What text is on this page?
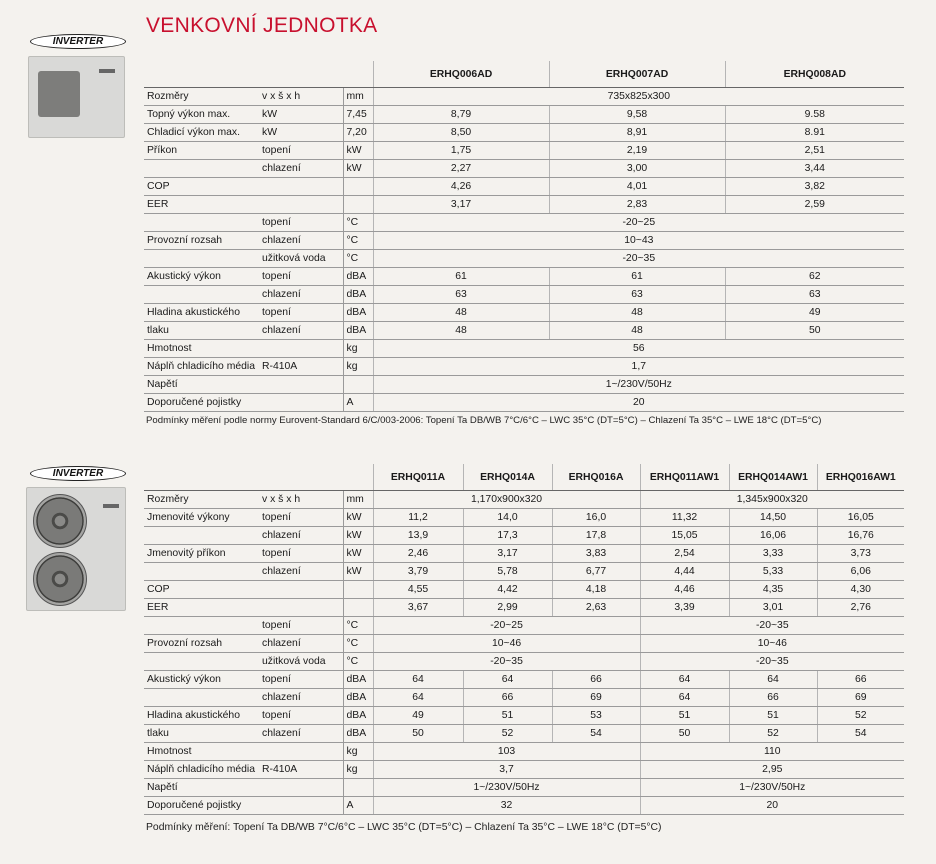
VENKOVNÍ JEDNOTKA
INVERTER
			ERHQ006AD	ERHQ007AD	ERHQ008AD
Rozměry	v x š x h	mm	735x825x300		
Topný výkon max.	kW	7,45	8,79	9,58	9.58
Chladicí výkon max.	kW	7,20	8,50	8,91	8.91
Příkon	topení	kW	1,75	2,19	2,51
	chlazení	kW	2,27	3,00	3,44
COP			4,26	4,01	3,82
EER			3,17	2,83	2,59
	topení	°C	-20~25		
Provozní rozsah	chlazení	°C	10~43		
	užitková voda	°C	-20~35		
Akustický výkon	topení	dBA	61	61	62
	chlazení	dBA	63	63	63
Hladina akustického	topení	dBA	48	48	49
tlaku	chlazení	dBA	48	48	50
Hmotnost		kg	56		
Náplň chladicího média	R-410A	kg	1,7		
Napětí			1~/230V/50Hz		
Doporučené pojistky		A	20		
Podmínky měření podle normy Eurovent-Standard 6/C/003-2006: Topení Ta DB/WB 7°C/6°C – LWC 35°C (DT=5°C) – Chlazení Ta 35°C – LWE 18°C (DT=5°C)
INVERTER
			ERHQ011A	ERHQ014A	ERHQ016A	ERHQ011AW1	ERHQ014AW1	ERHQ016AW1
Rozměry	v x š x h	mm	1,170x900x320			1,345x900x320		
Jmenovité výkony	topení	kW	11,2	14,0	16,0	11,32	14,50	16,05
	chlazení	kW	13,9	17,3	17,8	15,05	16,06	16,76
Jmenovitý příkon	topení	kW	2,46	3,17	3,83	2,54	3,33	3,73
	chlazení	kW	3,79	5,78	6,77	4,44	5,33	6,06
COP			4,55	4,42	4,18	4,46	4,35	4,30
EER			3,67	2,99	2,63	3,39	3,01	2,76
	topení	°C	-20~25			-20~35		
Provozní rozsah	chlazení	°C	10~46			10~46		
	užitková voda	°C	-20~35			-20~35		
Akustický výkon	topení	dBA	64	64	66	64	64	66
	chlazení	dBA	64	66	69	64	66	69
Hladina akustického	topení	dBA	49	51	53	51	51	52
tlaku	chlazení	dBA	50	52	54	50	52	54
Hmotnost		kg	103			110		
Náplň chladicího média	R-410A	kg	3,7			2,95		
Napětí			1~/230V/50Hz			1~/230V/50Hz		
Doporučené pojistky		A	32			20		
Podmínky měření: Topení Ta DB/WB 7°C/6°C – LWC 35°C (DT=5°C) – Chlazení Ta 35°C – LWE 18°C (DT=5°C)
